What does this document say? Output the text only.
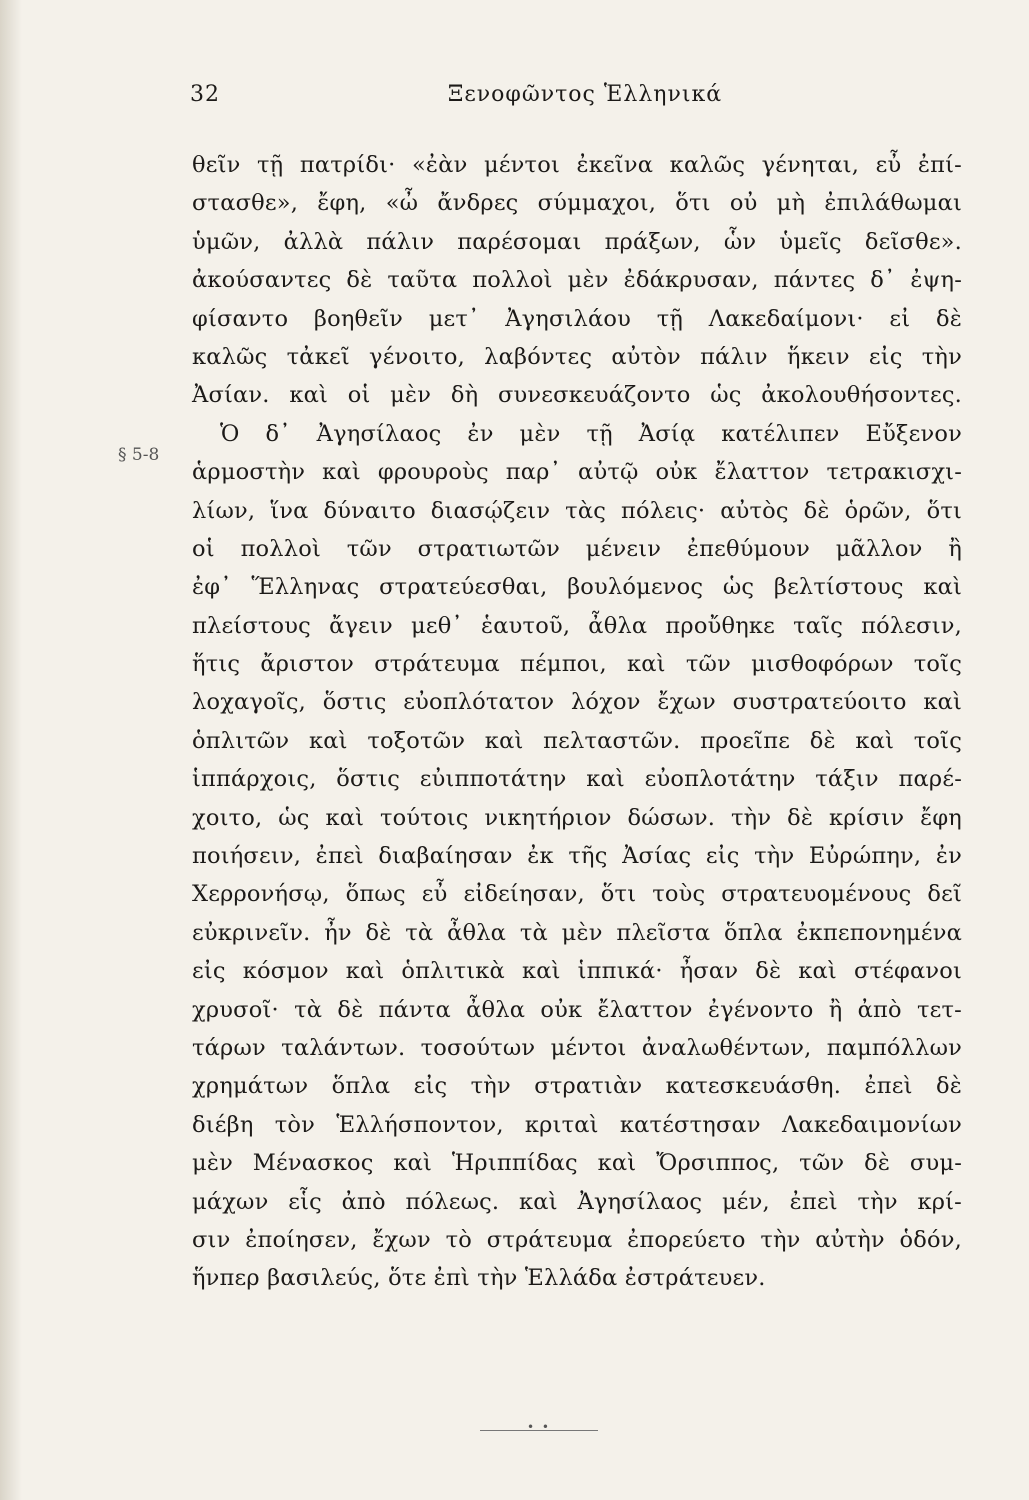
32	Ξενοφῶντος Ἑλληνικά
§ 5-8
θεῖν τῇ πατρίδι· «ἐὰν μέντοι ἐκεῖνα καλῶς γένηται, εὖ ἐπί-
στασθε», ἔφη, «ὦ ἄνδρες σύμμαχοι, ὅτι οὐ μὴ ἐπιλάθωμαι
ὑμῶν, ἀλλὰ πάλιν παρέσομαι πράξων, ὧν ὑμεῖς δεῖσθε».
ἀκούσαντες δὲ ταῦτα πολλοὶ μὲν ἐδάκρυσαν, πάντες δ᾽ ἐψη-
φίσαντο βοηθεῖν μετ᾽ Ἀγησιλάου τῇ Λακεδαίμονι· εἰ δὲ
καλῶς τἀκεῖ γένοιτο, λαβόντες αὐτὸν πάλιν ἥκειν εἰς τὴν
Ἀσίαν. καὶ οἱ μὲν δὴ συνεσκευάζοντο ὡς ἀκολουθήσοντες.
Ὁ δ᾽ Ἀγησίλαος ἐν μὲν τῇ Ἀσίᾳ κατέλιπεν Εὔξενον
ἁρμοστὴν καὶ φρουροὺς παρ᾽ αὐτῷ οὐκ ἔλαττον τετρακισχι-
λίων, ἵνα δύναιτο διασῴζειν τὰς πόλεις· αὐτὸς δὲ ὁρῶν, ὅτι
οἱ πολλοὶ τῶν στρατιωτῶν μένειν ἐπεθύμουν μᾶλλον ἢ
ἐφ᾽ Ἕλληνας στρατεύεσθαι, βουλόμενος ὡς βελτίστους καὶ
πλείστους ἄγειν μεθ᾽ ἑαυτοῦ, ἆθλα προὔθηκε ταῖς πόλεσιν,
ἥτις ἄριστον στράτευμα πέμποι, καὶ τῶν μισθοφόρων τοῖς
λοχαγοῖς, ὅστις εὐοπλότατον λόχον ἔχων συστρατεύοιτο καὶ
ὁπλιτῶν καὶ τοξοτῶν καὶ πελταστῶν. προεῖπε δὲ καὶ τοῖς
ἱππάρχοις, ὅστις εὐιπποτάτην καὶ εὐοπλοτάτην τάξιν παρέ-
χοιτο, ὡς καὶ τούτοις νικητήριον δώσων. τὴν δὲ κρίσιν ἔφη
ποιήσειν, ἐπεὶ διαβαίησαν ἐκ τῆς Ἀσίας εἰς τὴν Εὐρώπην, ἐν
Χερρονήσῳ, ὅπως εὖ εἰδείησαν, ὅτι τοὺς στρατευομένους δεῖ
εὐκρινεῖν. ἦν δὲ τὰ ἆθλα τὰ μὲν πλεῖστα ὅπλα ἐκπεπονημένα
εἰς κόσμον καὶ ὁπλιτικὰ καὶ ἱππικά· ἦσαν δὲ καὶ στέφανοι
χρυσοῖ· τὰ δὲ πάντα ἆθλα οὐκ ἔλαττον ἐγένοντο ἢ ἀπὸ τετ-
τάρων ταλάντων. τοσούτων μέντοι ἀναλωθέντων, παμπόλλων
χρημάτων ὅπλα εἰς τὴν στρατιὰν κατεσκευάσθη. ἐπεὶ δὲ
διέβη τὸν Ἑλλήσποντον, κριταὶ κατέστησαν Λακεδαιμονίων
μὲν Μένασκος καὶ Ἡριππίδας καὶ Ὄρσιππος, τῶν δὲ συμ-
μάχων εἷς ἀπὸ πόλεως. καὶ Ἀγησίλαος μέν, ἐπεὶ τὴν κρί-
σιν ἐποίησεν, ἔχων τὸ στράτευμα ἐπορεύετο τὴν αὐτὴν ὁδόν,
ἥνπερ βασιλεύς, ὅτε ἐπὶ τὴν Ἑλλάδα ἐστράτευεν.
• •
